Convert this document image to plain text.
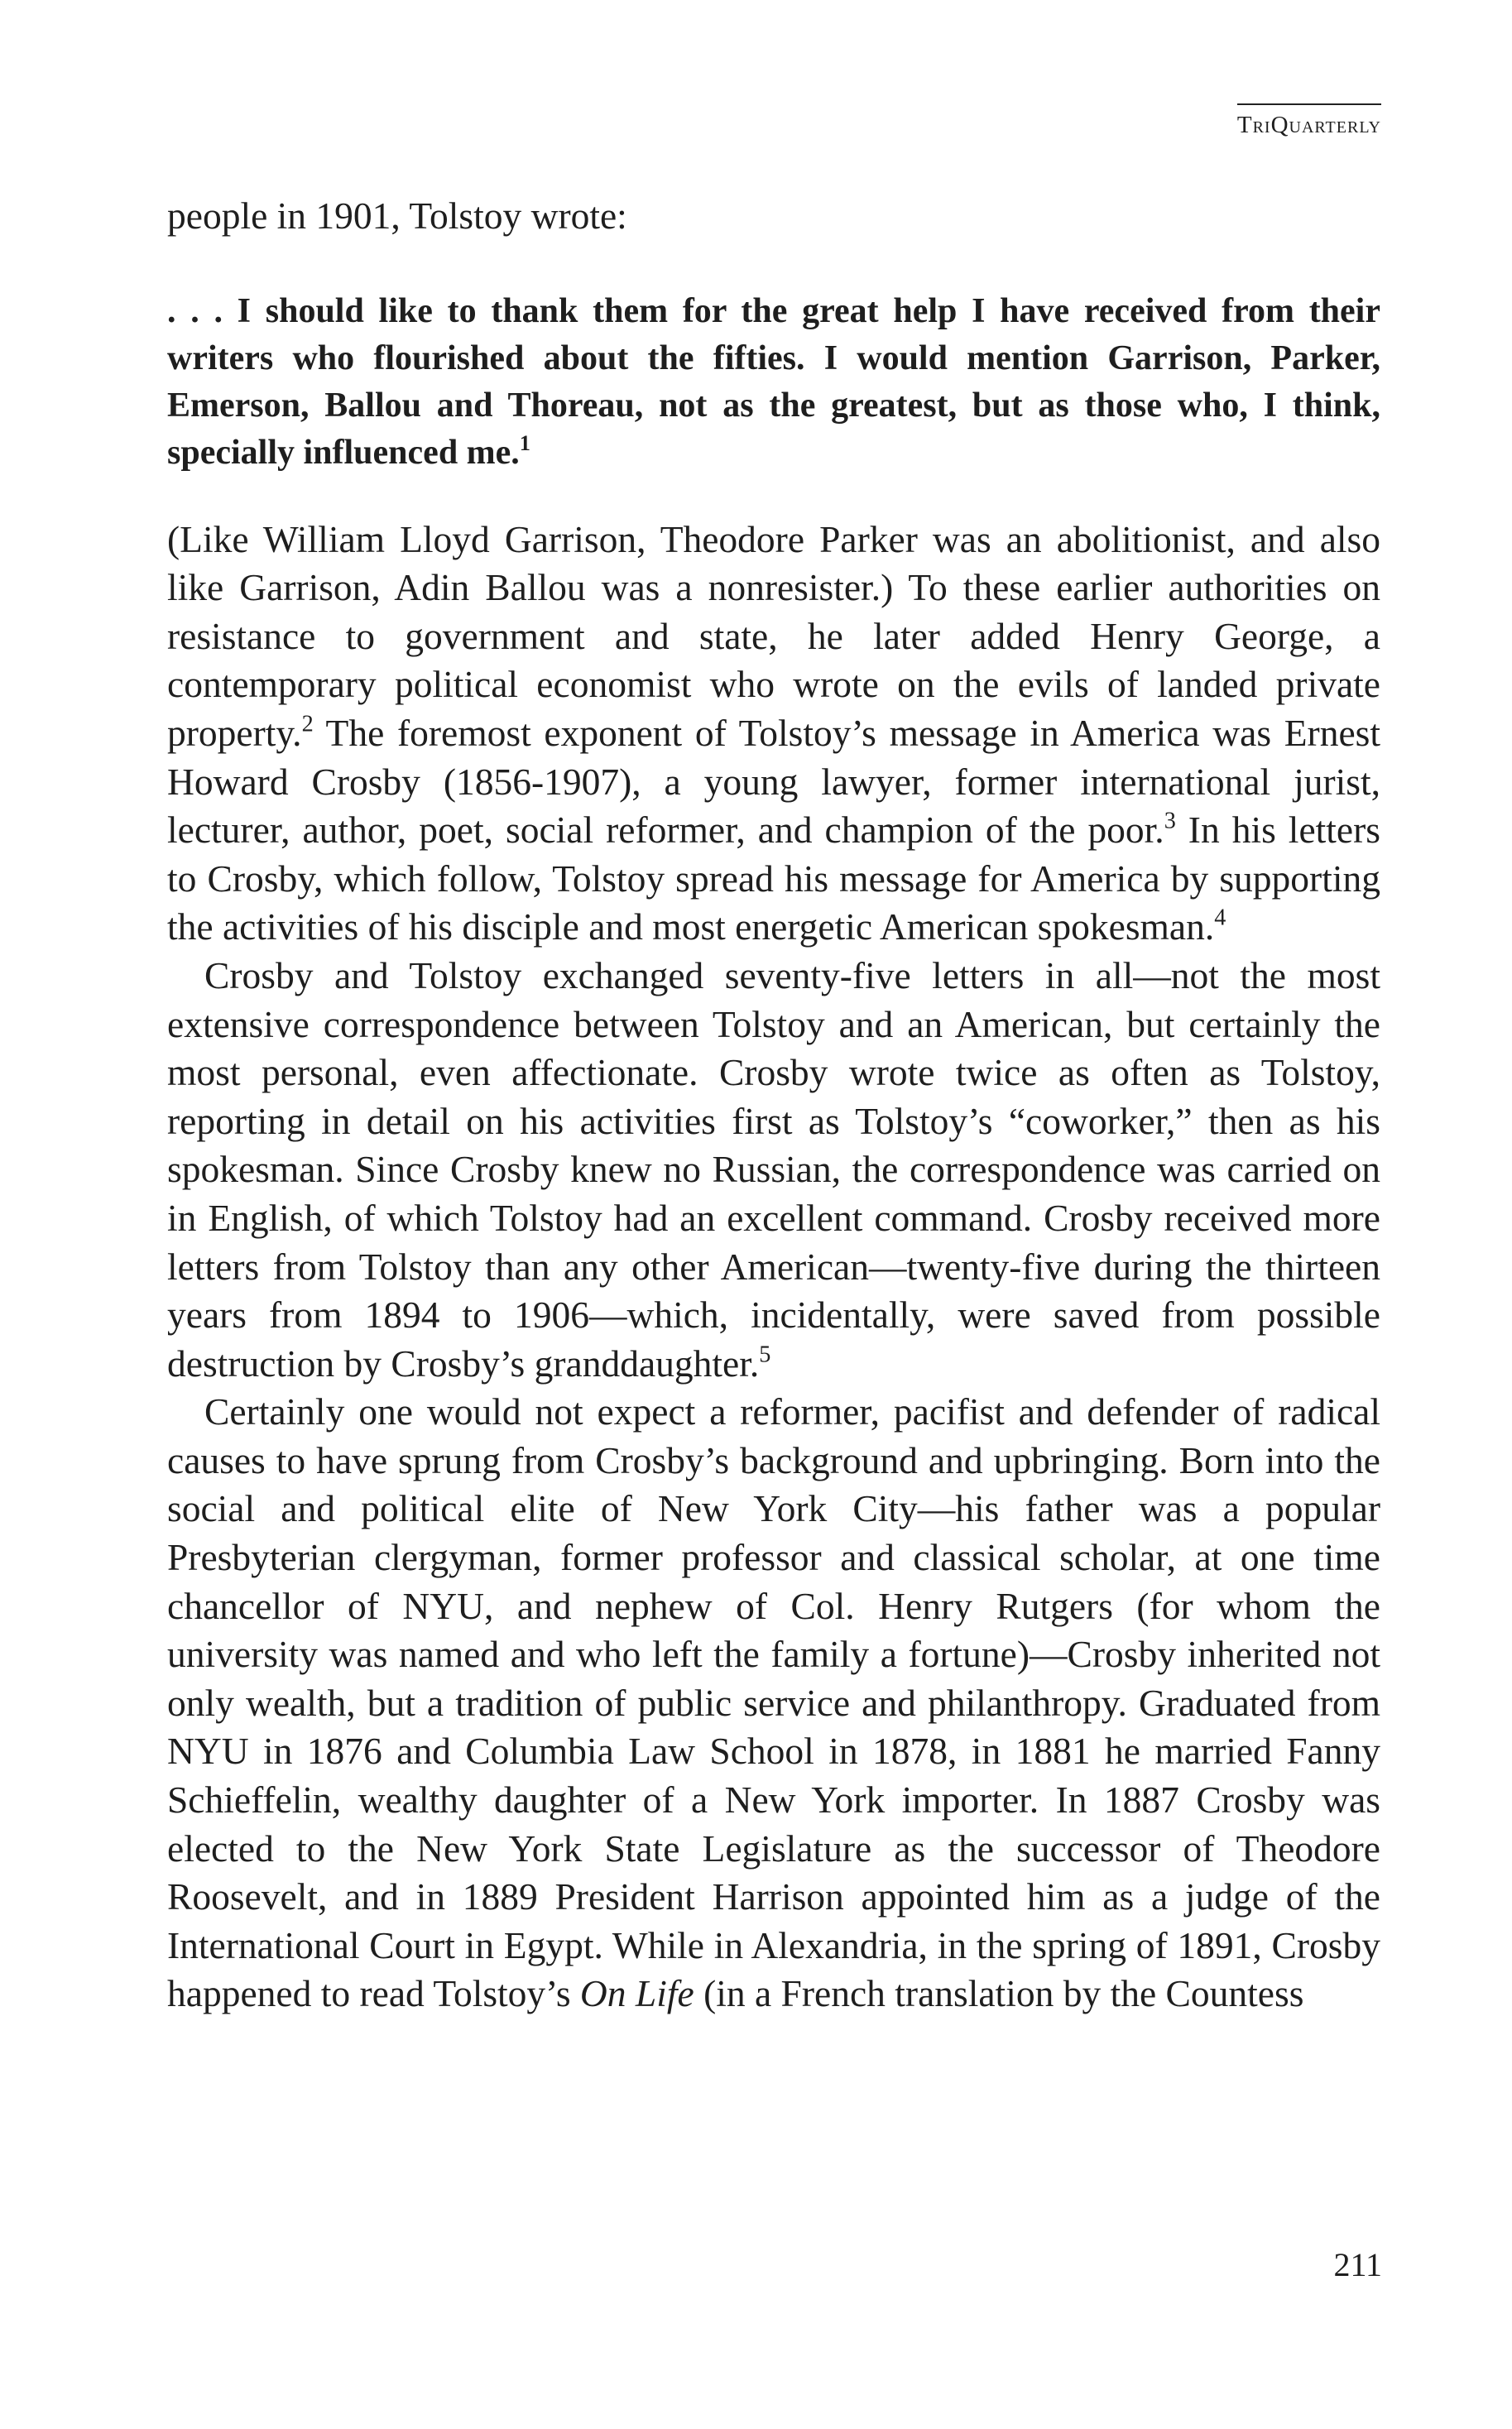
TriQuarterly

people in 1901, Tolstoy wrote:

. . . I should like to thank them for the great help I have received from their writers who flourished about the fifties. I would mention Garrison, Parker, Emerson, Ballou and Thoreau, not as the greatest, but as those who, I think, specially influenced me.$^1$

(Like William Lloyd Garrison, Theodore Parker was an abolitionist, and also like Garrison, Adin Ballou was a nonresister.) To these earlier authorities on resistance to government and state, he later added Henry George, a contemporary political economist who wrote on the evils of landed private property.$^2$ The foremost exponent of Tolstoy’s message in America was Ernest Howard Crosby (1856-1907), a young lawyer, former international jurist, lecturer, author, poet, social reformer, and champion of the poor.$^3$ In his letters to Crosby, which follow, Tolstoy spread his message for America by supporting the activities of his disciple and most energetic American spokesman.$^4$

Crosby and Tolstoy exchanged seventy-five letters in all—not the most extensive correspondence between Tolstoy and an American, but certainly the most personal, even affectionate. Crosby wrote twice as often as Tolstoy, reporting in detail on his activities first as Tolstoy’s “coworker,” then as his spokesman. Since Crosby knew no Russian, the correspondence was carried on in English, of which Tolstoy had an excellent command. Crosby received more letters from Tolstoy than any other American—twenty-five during the thirteen years from 1894 to 1906—which, incidentally, were saved from possible destruction by Crosby’s granddaughter.$^5$

Certainly one would not expect a reformer, pacifist and defender of radical causes to have sprung from Crosby’s background and upbringing. Born into the social and political elite of New York City—his father was a popular Presbyterian clergyman, former professor and classical scholar, at one time chancellor of NYU, and nephew of Col. Henry Rutgers (for whom the university was named and who left the family a fortune)—Crosby inherited not only wealth, but a tradition of public service and philanthropy. Graduated from NYU in 1876 and Columbia Law School in 1878, in 1881 he married Fanny Schieffelin, wealthy daughter of a New York importer. In 1887 Crosby was elected to the New York State Legislature as the successor of Theodore Roosevelt, and in 1889 President Harrison appointed him as a judge of the International Court in Egypt. While in Alexandria, in the spring of 1891, Crosby happened to read Tolstoy’s On Life (in a French translation by the Countess

211
